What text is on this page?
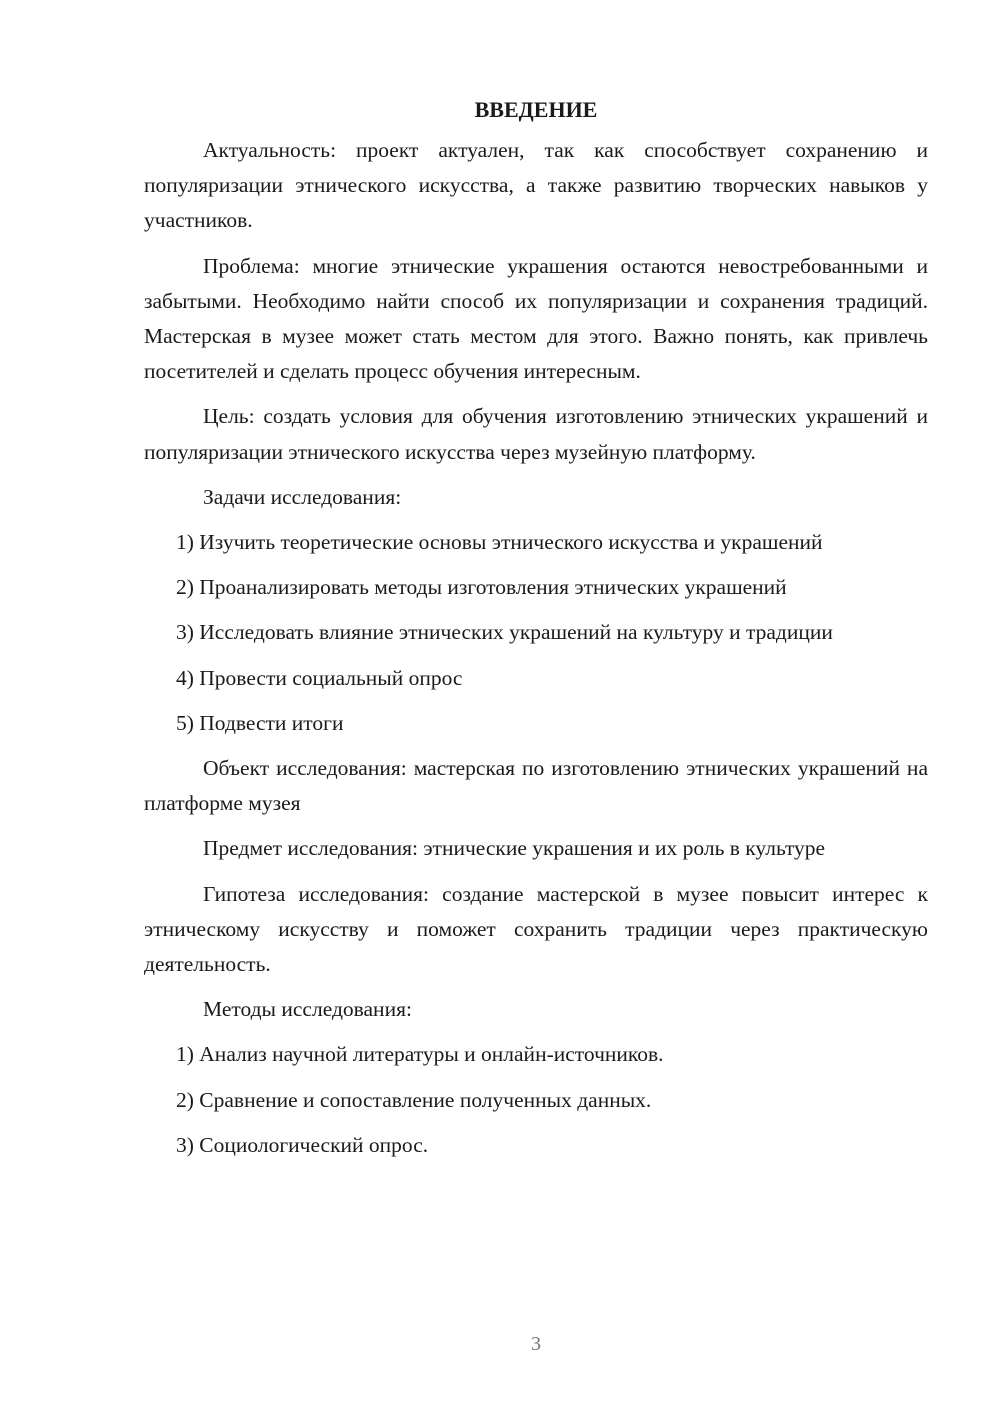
ВВЕДЕНИЕ

Актуальность: проект актуален, так как способствует сохранению и популяризации этнического искусства, а также развитию творческих навыков у участников.

Проблема: многие этнические украшения остаются невостребованными и забытыми. Необходимо найти способ их популяризации и сохранения традиций. Мастерская в музее может стать местом для этого. Важно понять, как привлечь посетителей и сделать процесс обучения интересным.

Цель: создать условия для обучения изготовлению этнических украшений и популяризации этнического искусства через музейную платформу.

Задачи исследования:

1) Изучить теоретические основы этнического искусства и украшений

2) Проанализировать методы изготовления этнических украшений

3) Исследовать влияние этнических украшений на культуру и традиции

4) Провести социальный опрос

5) Подвести итоги

Объект исследования: мастерская по изготовлению этнических украшений на платформе музея

Предмет исследования: этнические украшения и их роль в культуре

Гипотеза исследования: создание мастерской в музее повысит интерес к этническому искусству и поможет сохранить традиции через практическую деятельность.

Методы исследования:

1) Анализ научной литературы и онлайн-источников.

2) Сравнение и сопоставление полученных данных.

3) Социологический опрос.

3
